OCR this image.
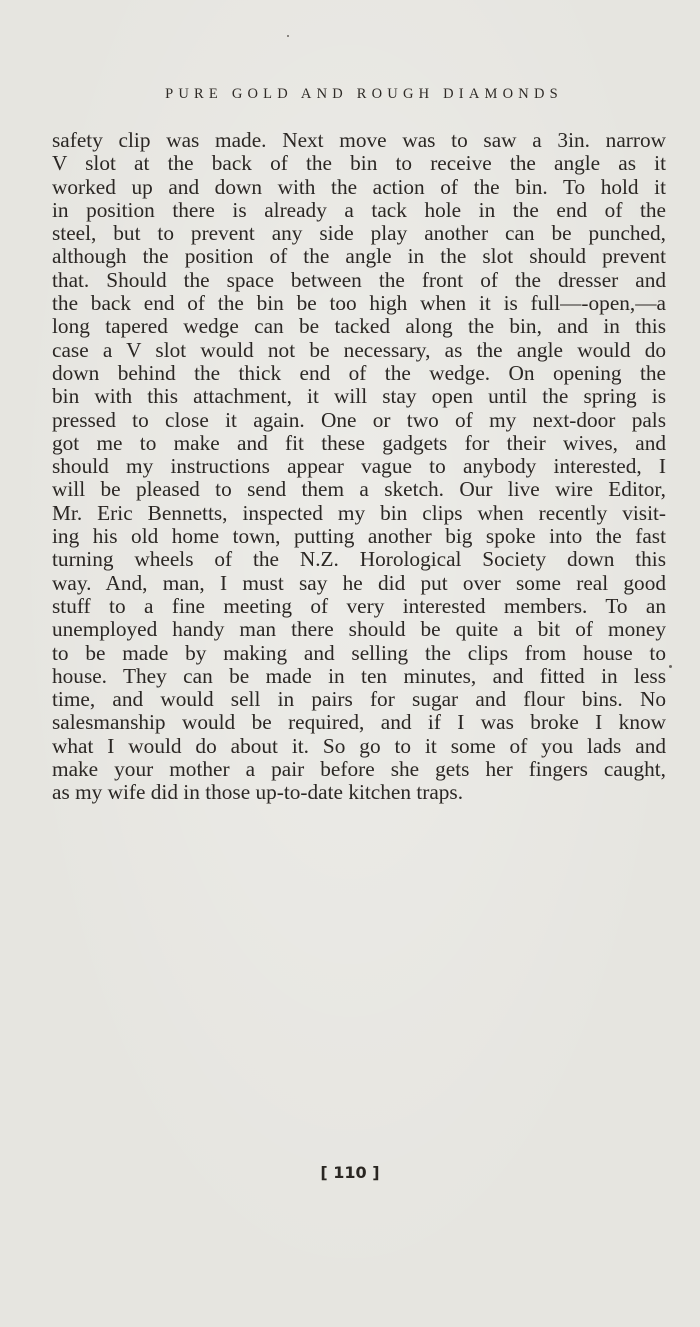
PURE GOLD AND ROUGH DIAMONDS
safety clip was made. Next move was to saw a 3in. narrow
V slot at the back of the bin to receive the angle as it
worked up and down with the action of the bin. To hold it
in position there is already a tack hole in the end of the
steel, but to prevent any side play another can be punched,
although the position of the angle in the slot should prevent
that. Should the space between the front of the dresser and
the back end of the bin be too high when it is full—-open,—a
long tapered wedge can be tacked along the bin, and in this
case a V slot would not be necessary, as the angle would do
down behind the thick end of the wedge. On opening the
bin with this attachment, it will stay open until the spring is
pressed to close it again. One or two of my next-door pals
got me to make and fit these gadgets for their wives, and
should my instructions appear vague to anybody interested, I
will be pleased to send them a sketch. Our live wire Editor,
Mr. Eric Bennetts, inspected my bin clips when recently visit-
ing his old home town, putting another big spoke into the fast
turning wheels of the N.Z. Horological Society down this
way. And, man, I must say he did put over some real good
stuff to a fine meeting of very interested members. To an
unemployed handy man there should be quite a bit of money
to be made by making and selling the clips from house to
house. They can be made in ten minutes, and fitted in less
time, and would sell in pairs for sugar and flour bins. No
salesmanship would be required, and if I was broke I know
what I would do about it. So go to it some of you lads and
make your mother a pair before she gets her fingers caught,
as my wife did in those up-to-date kitchen traps.
[ 110 ]
